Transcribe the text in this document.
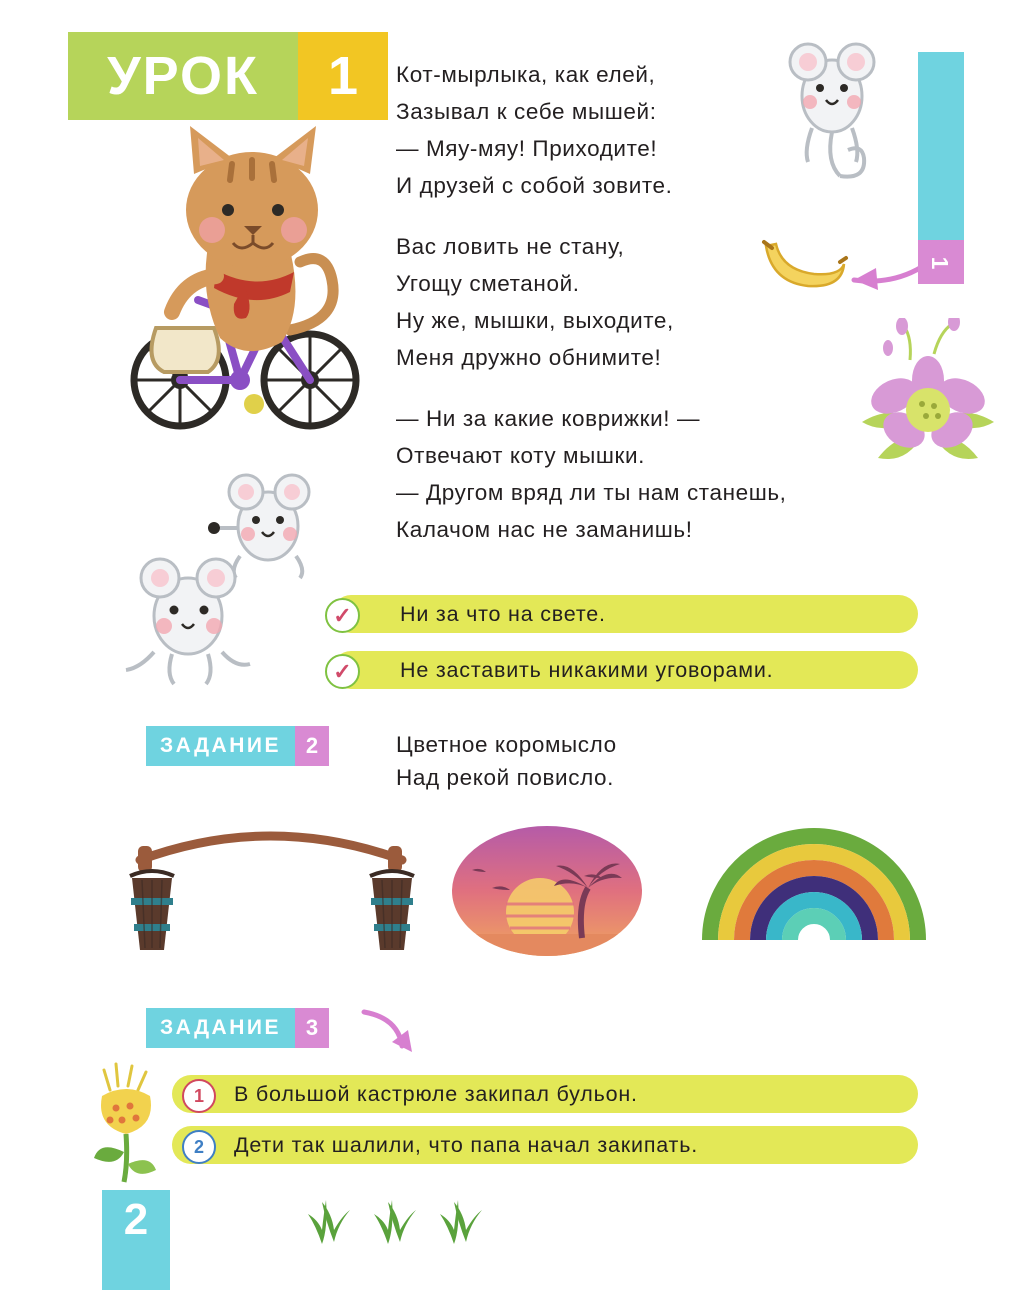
УРОК 1 Кот-мырлыка, как елей,
Зазывал к себе мышей:
— Мяу-мяу! Приходите!
И друзей с собой зовите.
Вас ловить не стану,
Угощу сметаной.
Ну же, мышки, выходите,
Меня дружно обнимите!
— Ни за какие коврижки! —
Отвечают коту мышки.
— Другом вряд ли ты нам станешь,
Калачом нас не заманишь!
ЗАДАНИЕ
1
Ни за что на свете.
✓
Не заставить никакими уговорами.
✓
ЗАДАНИЕ 2	Цветное коромысло
Над рекой повисло.
ЗАДАНИЕ 3
В большой кастрюле закипал бульон.
1
Дети так шалили, что папа начал закипать.
2
2
